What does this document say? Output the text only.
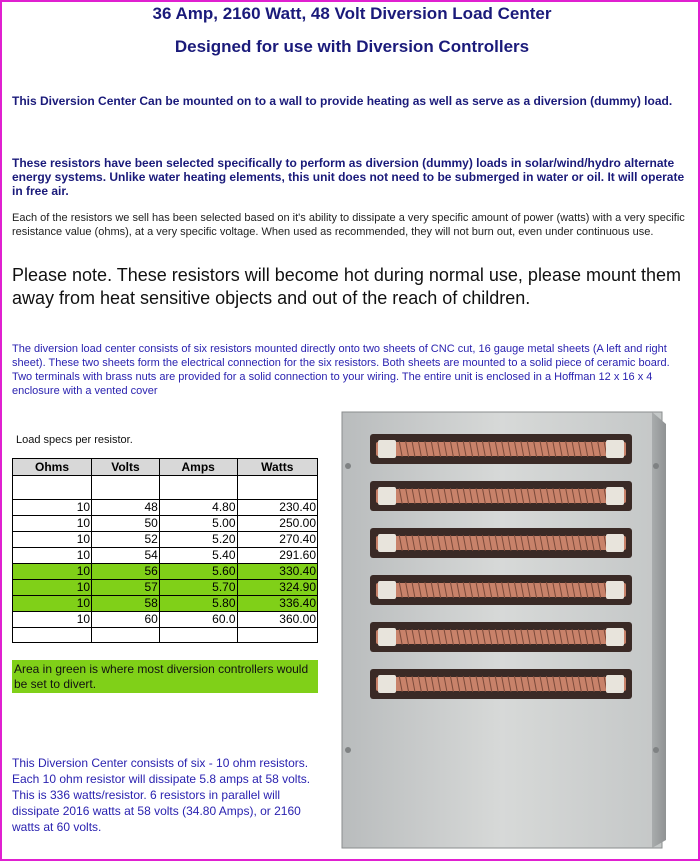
36 Amp, 2160 Watt, 48 Volt Diversion Load Center
Designed for use with Diversion Controllers

This Diversion Center Can be mounted on to a wall to provide heating as well as serve as a diversion (dummy) load.

These resistors have been selected specifically to perform as diversion (dummy) loads in solar/wind/hydro alternate energy systems. Unlike water heating elements, this unit does not need to be submerged in water or oil. It will operate in free air.

Each of the resistors we sell has been selected based on it's ability to dissipate a very specific amount of power (watts) with a very specific resistance value (ohms), at a very specific voltage. When used as recommended, they will not burn out, even under continuous use.

Please note. These resistors will become hot during normal use, please mount them away from heat sensitive objects and out of the reach of children.

The diversion load center consists of six resistors mounted directly onto two sheets of CNC cut, 16 gauge metal sheets (A left and right sheet). These two sheets form the electrical connection for the six resistors. Both sheets are mounted to a solid piece of ceramic board. Two terminals with brass nuts are provided for a solid connection to your wiring. The entire unit is enclosed in a Hoffman 12 x 16 x 4 enclosure with a vented cover

Load specs per resistor.

Ohms	Volts	Amps	Watts

10	48	4.80	230.40
10	50	5.00	250.00
10	52	5.20	270.40
10	54	5.40	291.60
10	56	5.60	330.40
10	57	5.70	324.90
10	58	5.80	336.40
10	60	60.0	360.00

Area in green is where most diversion controllers would be set to divert.

This Diversion Center consists of six - 10 ohm resistors. Each 10 ohm resistor will dissipate 5.8 amps at 58 volts. This is 336 watts/resistor. 6 resistors in parallel will dissipate 2016 watts at 58 volts (34.80 Amps), or 2160 watts at 60 volts.
